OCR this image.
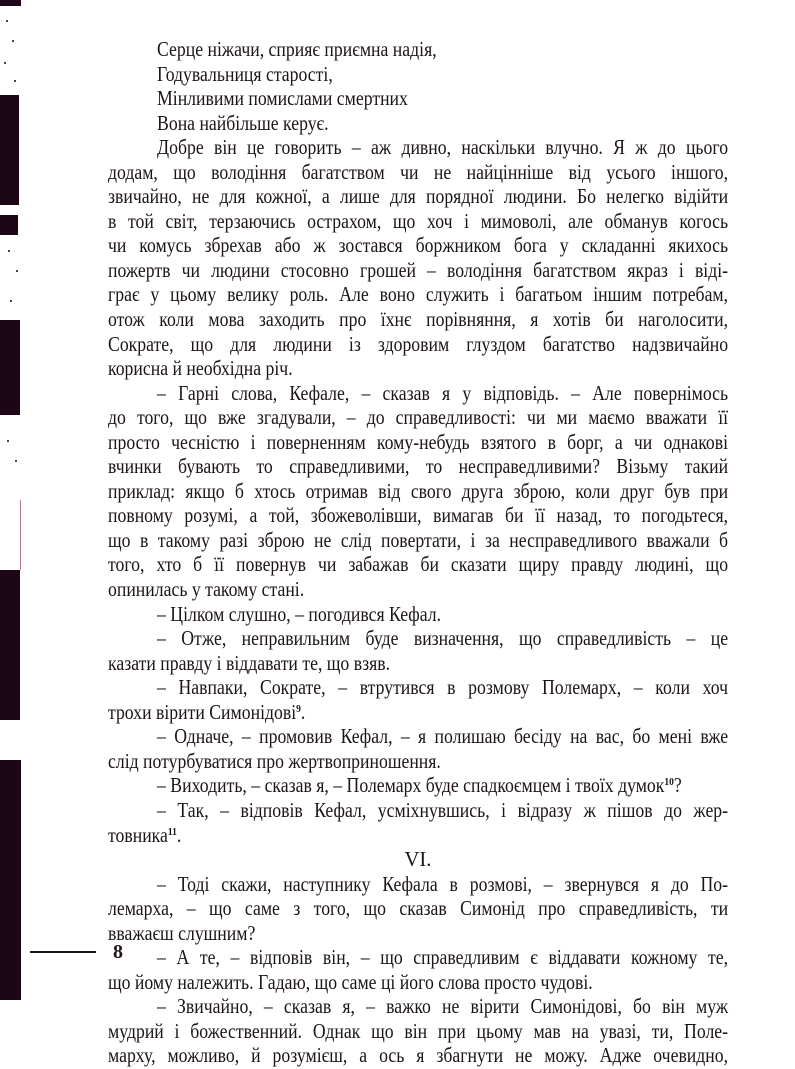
Серце ніжачи, сприяє приємна надія,
Годувальниця старості,
Мінливими помислами смертних
Вона найбільше керує.
Добре він це говорить – аж дивно, наскільки влучно. Я ж до цього
додам, що володіння багатством чи не найцінніше від усього іншого,
звичайно, не для кожної, а лише для порядної людини. Бо нелегко відійти
в той світ, терзаючись острахом, що хоч і мимоволі, але обманув когось
чи комусь збрехав або ж зостався боржником бога у складанні якихось
пожертв чи людини стосовно грошей – володіння багатством якраз і віді-
грає у цьому велику роль. Але воно служить і багатьом іншим потребам,
отож коли мова заходить про їхнє порівняння, я хотів би наголосити,
Сократе, що для людини із здоровим глуздом багатство надзвичайно
корисна й необхідна річ.
– Гарні слова, Кефале, – сказав я у відповідь. – Але повернімось
до того, що вже згадували, – до справедливості: чи ми маємо вважати її
просто чесністю і поверненням кому-небудь взятого в борг, а чи однакові
вчинки бувають то справедливими, то несправедливими? Візьму такий
приклад: якщо б хтось отримав від свого друга зброю, коли друг був при
повному розумі, а той, збожеволівши, вимагав би її назад, то погодьтеся,
що в такому разі зброю не слід повертати, і за несправедливого вважали б
того, хто б її повернув чи забажав би сказати щиру правду людині, що
опинилась у такому стані.
– Цілком слушно, – погодився Кефал.
– Отже, неправильним буде визначення, що справедливість – це
казати правду і віддавати те, що взяв.
– Навпаки, Сократе, – втрутився в розмову Полемарх, – коли хоч
трохи вірити Симонідові$^9$.
– Одначе, – промовив Кефал, – я полишаю бесіду на вас, бо мені вже
слід потурбуватися про жертвоприношення.
– Виходить, – сказав я, – Полемарх буде спадкоємцем і твоїх думок$^{10}$?
– Так, – відповів Кефал, усміхнувшись, і відразу ж пішов до жер-
товника$^{11}$.
VI.
– Тоді скажи, наступнику Кефала в розмові, – звернувся я до По-
лемарха, – що саме з того, що сказав Симонід про справедливість, ти
вважаєш слушним?
– А те, – відповів він, – що справедливим є віддавати кожному те,
що йому належить. Гадаю, що саме ці його слова просто чудові.
– Звичайно, – сказав я, – важко не вірити Симонідові, бо він муж
мудрий і божественний. Однак що він при цьому мав на увазі, ти, Поле-
марху, можливо, й розумієш, а ось я збагнути не можу. Адже очевидно,
8
